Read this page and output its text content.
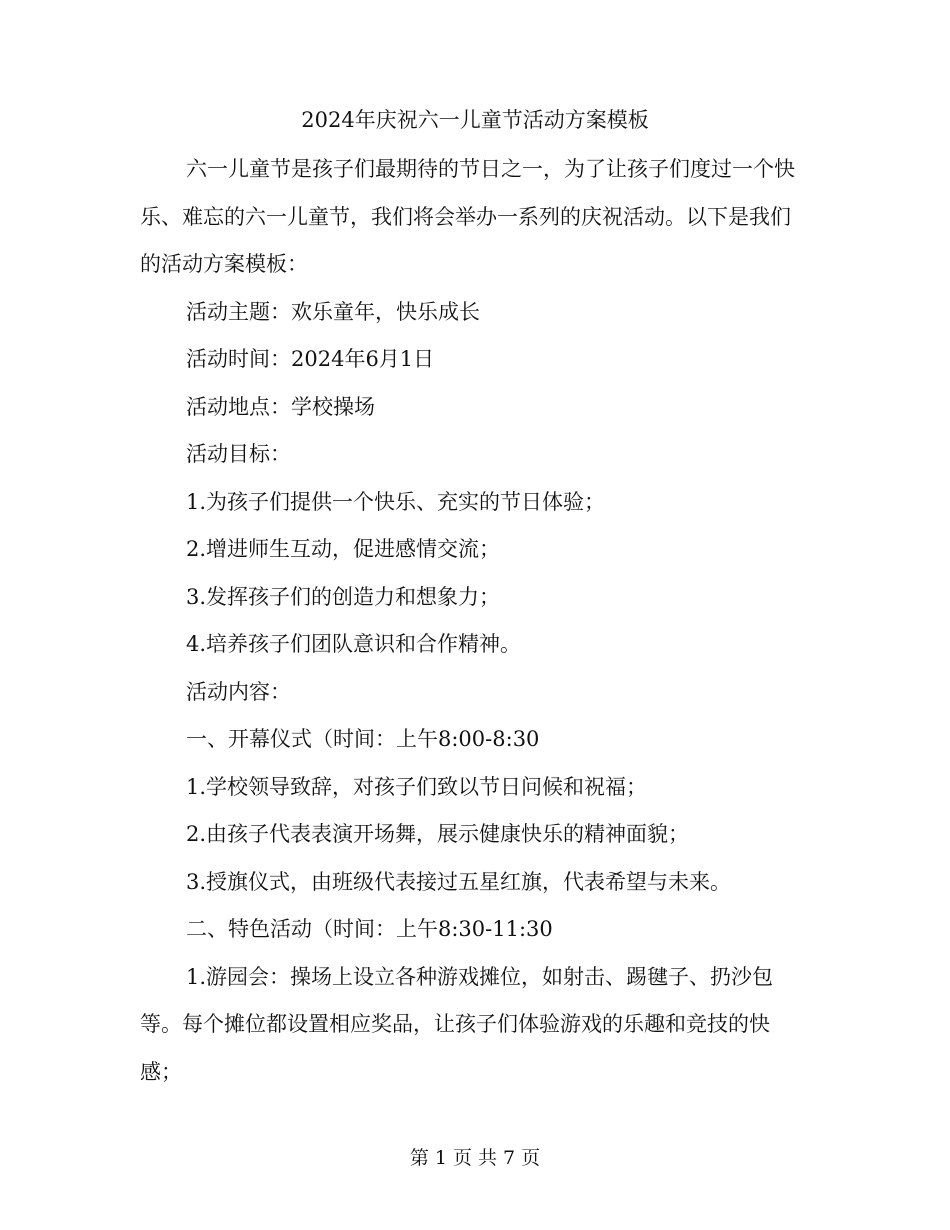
2024年庆祝六一儿童节活动方案模板

六一儿童节是孩子们最期待的节日之一，为了让孩子们度过一个快乐、难忘的六一儿童节，我们将会举办一系列的庆祝活动。以下是我们的活动方案模板：

活动主题：欢乐童年，快乐成长

活动时间：2024年6月1日

活动地点：学校操场

活动目标：

1.为孩子们提供一个快乐、充实的节日体验；

2.增进师生互动，促进感情交流；

3.发挥孩子们的创造力和想象力；

4.培养孩子们团队意识和合作精神。

活动内容：

一、开幕仪式（时间：上午8:00-8:30

1.学校领导致辞，对孩子们致以节日问候和祝福；

2.由孩子代表表演开场舞，展示健康快乐的精神面貌；

3.授旗仪式，由班级代表接过五星红旗，代表希望与未来。

二、特色活动（时间：上午8:30-11:30

1.游园会：操场上设立各种游戏摊位，如射击、踢毽子、扔沙包等。每个摊位都设置相应奖品，让孩子们体验游戏的乐趣和竞技的快感；

第 1 页 共 7 页
